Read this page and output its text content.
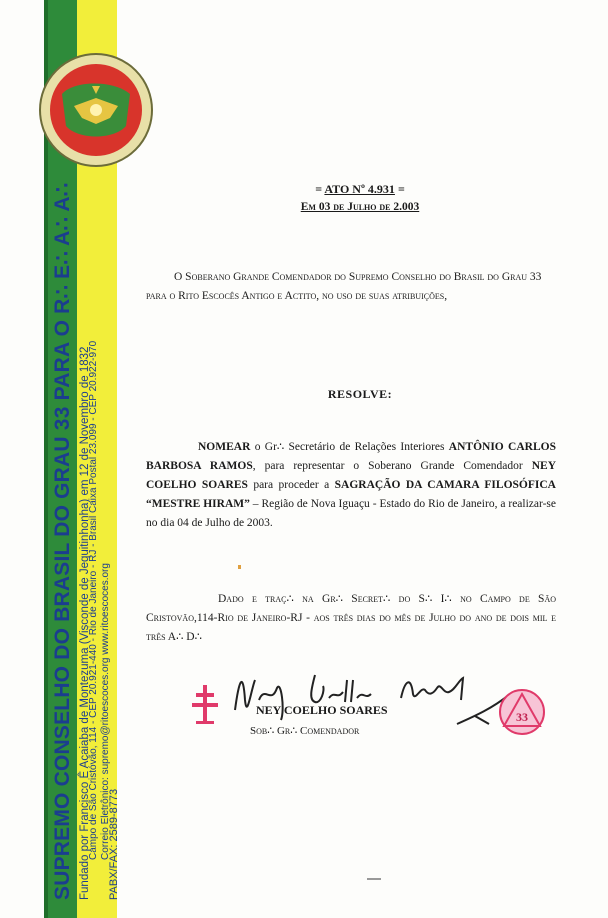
SUPREMO CONSELHO DO BRASIL DO GRAU 33 PARA O R∴ E∴ A∴ A∴ Fundado por Francisco Ê Acaiaba de Montezuma (Visconde de Jequitinhonha) em 12 de Novembro de 1832
Campo de São Cristóvão, 114 - CEP 20.921-440 - Rio de Janeiro - RJ - Brasil Caixa Postal 23.099 - CEP 20.922-970 Correio Eletrônico: supremo@ritoescoces.org www.ritoescoces.org
PABX/FAX: 2589-8773
= ATO Nº 4.931 =
Em 03 de Julho de 2.003
O Soberano Grande Comendador do Supremo Conselho do Brasil do Grau 33 para o Rito Escocês Antigo e Actito, no uso de suas atribuições,
RESOLVE:
NOMEAR o Gr∴ Secretário de Relações Interiores ANTÔNIO CARLOS BARBOSA RAMOS, para representar o Soberano Grande Comendador NEY COELHO SOARES para proceder a SAGRAÇÃO DA CAMARA FILOSÓFICA “MESTRE HIRAM” – Região de Nova Iguaçu - Estado do Rio de Janeiro, a realizar-se no dia 04 de Julho de 2003.
Dado e traç∴ na Gr∴ Secret∴ do S∴ I∴ no Campo de São Cristovão,114-Rio de Janeiro-RJ - aos três dias do mês de Julho do ano de dois mil e três A∴ D∴
NEY COELHO SOARES
Sob∴ Gr∴ Comendador
33
